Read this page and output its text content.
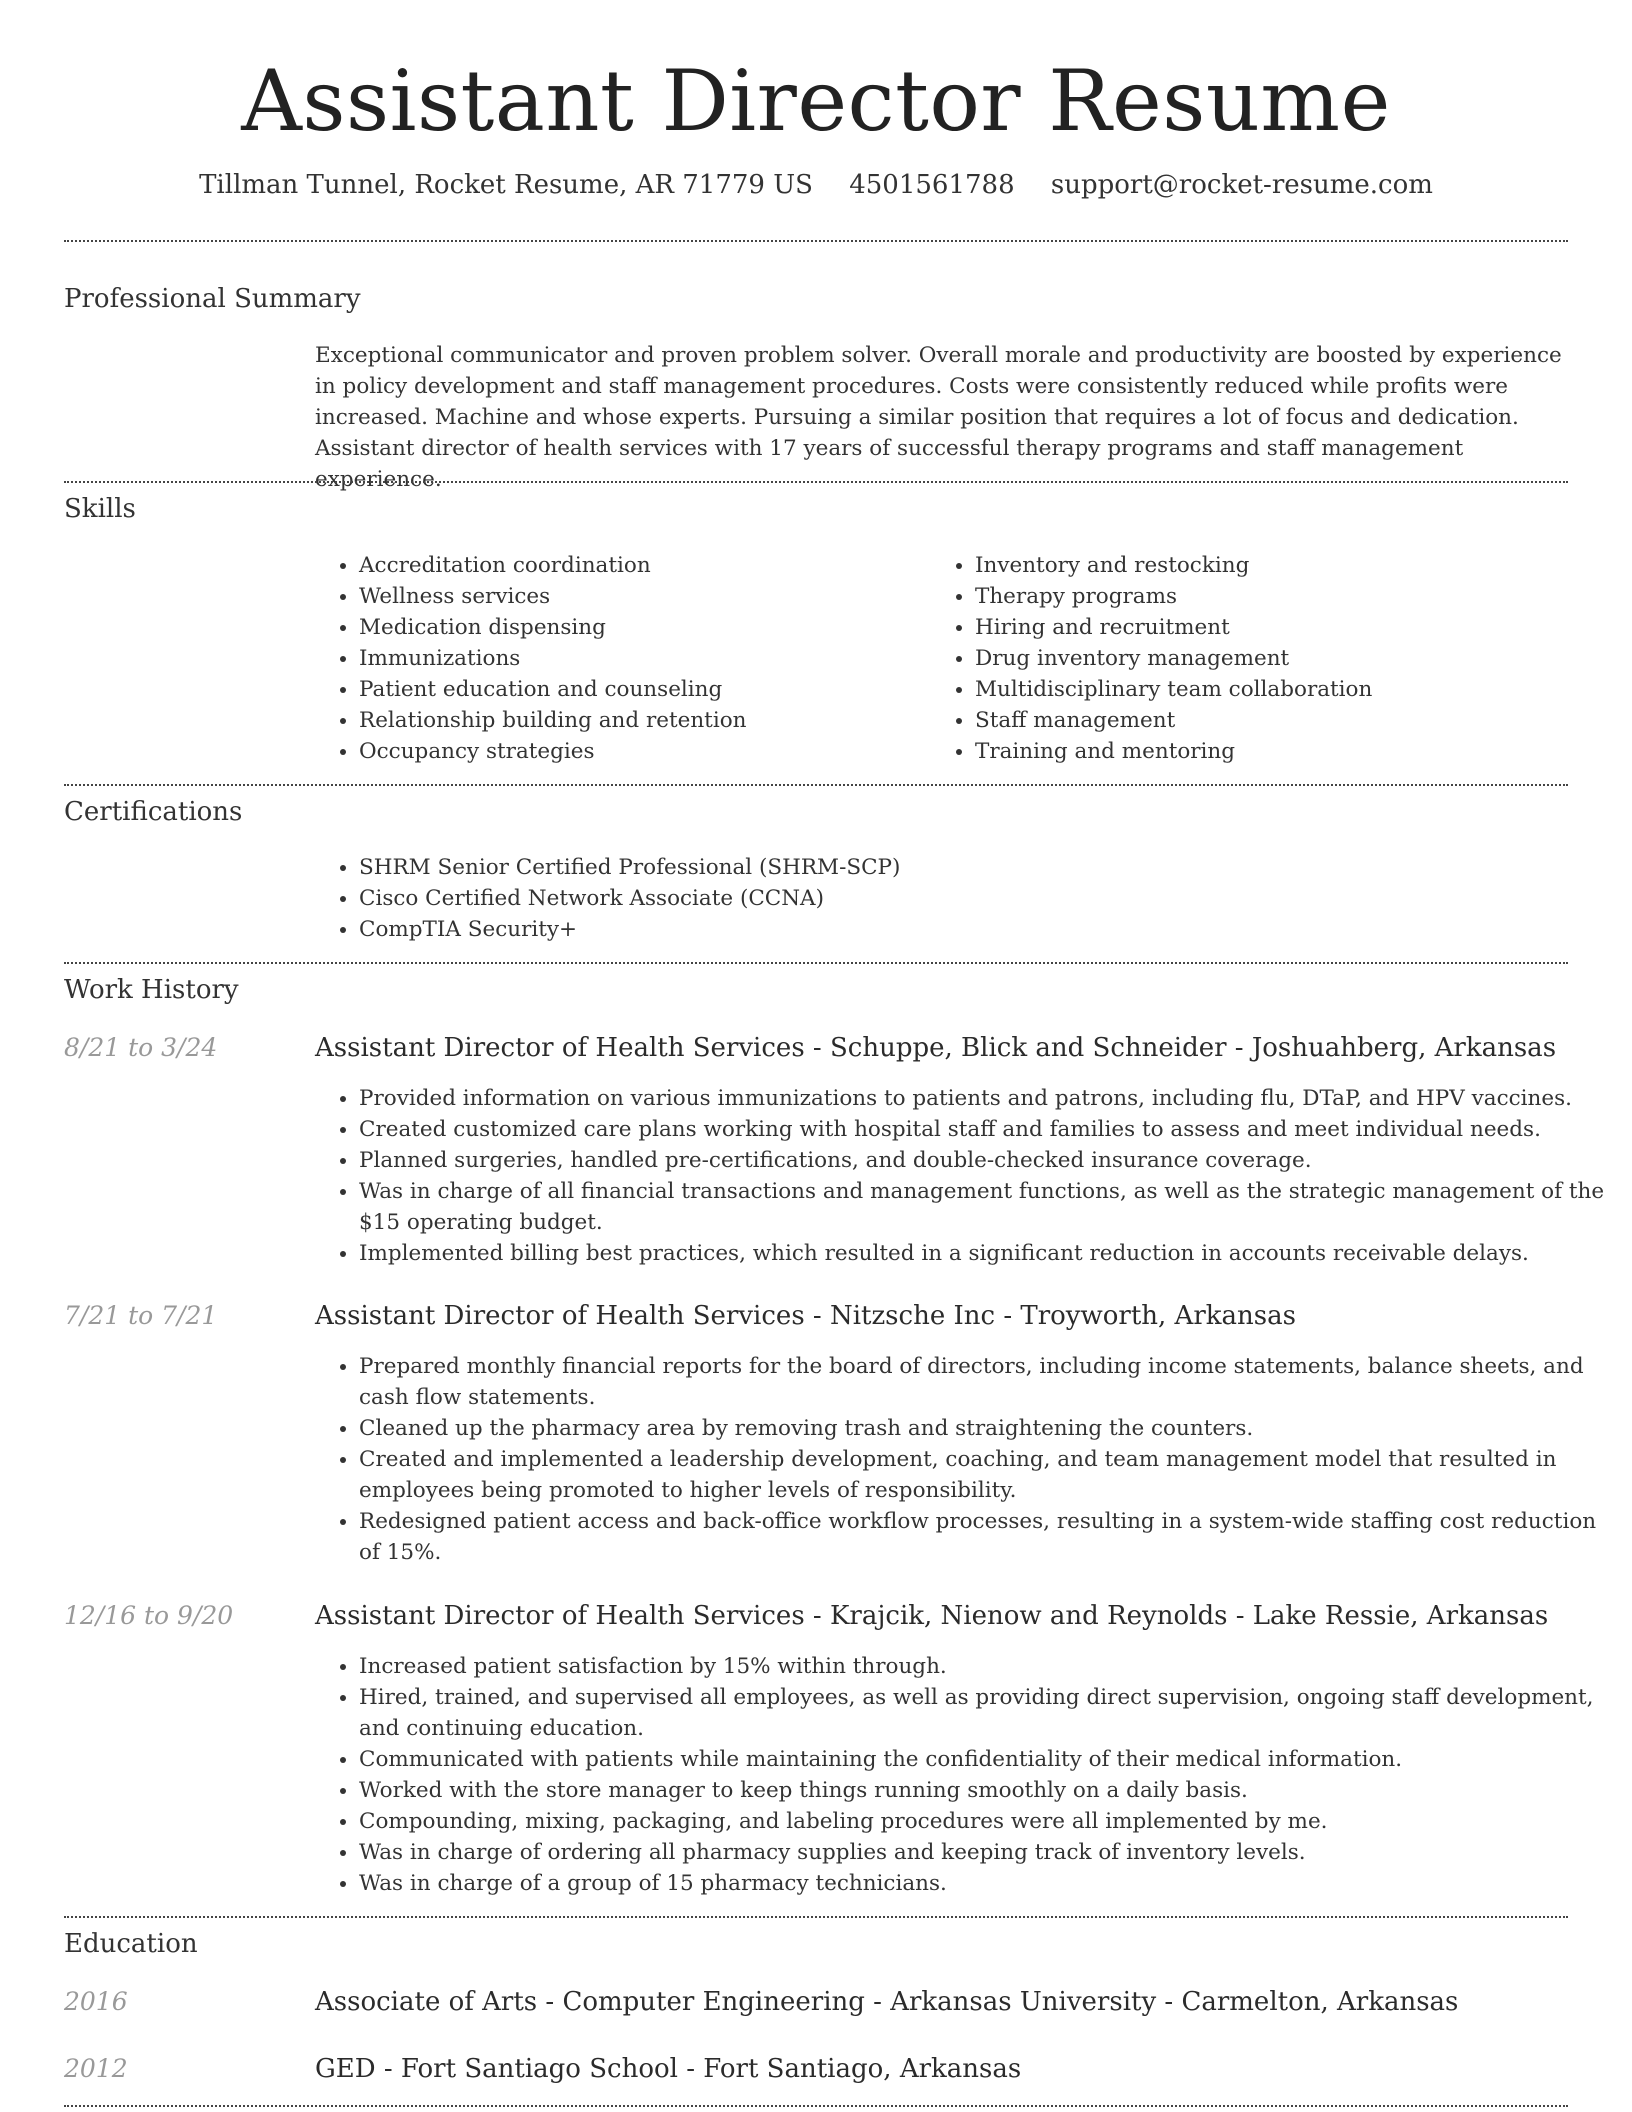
Assistant Director Resume
Tillman Tunnel, Rocket Resume, AR 71779 US 4501561788 support@rocket-resume.com
Professional Summary

Exceptional communicator and proven problem solver. Overall morale and productivity are boosted by experience in policy development and staff management procedures. Costs were consistently reduced while profits were increased. Machine and whose experts. Pursuing a similar position that requires a lot of focus and dedication. Assistant director of health services with 17 years of successful therapy programs and staff management experience.

Skills
• Accreditation coordination
• Wellness services
• Medication dispensing
• Immunizations
• Patient education and counseling
• Relationship building and retention
• Occupancy strategies
• Inventory and restocking
• Therapy programs
• Hiring and recruitment
• Drug inventory management
• Multidisciplinary team collaboration
• Staff management
• Training and mentoring
Certifications
• SHRM Senior Certified Professional (SHRM-SCP)
• Cisco Certified Network Associate (CCNA)
• CompTIA Security+
Work History
8/21 to 3/24	Assistant Director of Health Services - Schuppe, Blick and Schneider - Joshuahberg, Arkansas
• Provided information on various immunizations to patients and patrons, including flu, DTaP, and HPV vaccines.
• Created customized care plans working with hospital staff and families to assess and meet individual needs.
• Planned surgeries, handled pre-certifications, and double-checked insurance coverage.
• Was in charge of all financial transactions and management functions, as well as the strategic management of the $15 operating budget.
• Implemented billing best practices, which resulted in a significant reduction in accounts receivable delays.
7/21 to 7/21	Assistant Director of Health Services - Nitzsche Inc - Troyworth, Arkansas
• Prepared monthly financial reports for the board of directors, including income statements, balance sheets, and cash flow statements.
• Cleaned up the pharmacy area by removing trash and straightening the counters.
• Created and implemented a leadership development, coaching, and team management model that resulted in employees being promoted to higher levels of responsibility.
• Redesigned patient access and back-office workflow processes, resulting in a system-wide staffing cost reduction of 15%.
12/16 to 9/20	Assistant Director of Health Services - Krajcik, Nienow and Reynolds - Lake Ressie, Arkansas
• Increased patient satisfaction by 15% within through.
• Hired, trained, and supervised all employees, as well as providing direct supervision, ongoing staff development, and continuing education.
• Communicated with patients while maintaining the confidentiality of their medical information.
• Worked with the store manager to keep things running smoothly on a daily basis.
• Compounding, mixing, packaging, and labeling procedures were all implemented by me.
• Was in charge of ordering all pharmacy supplies and keeping track of inventory levels.
• Was in charge of a group of 15 pharmacy technicians.
Education
2016	Associate of Arts - Computer Engineering - Arkansas University - Carmelton, Arkansas
2012	GED - Fort Santiago School - Fort Santiago, Arkansas
